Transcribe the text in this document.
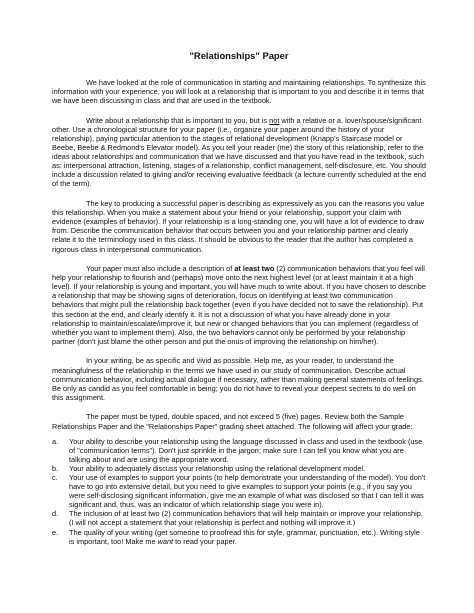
"Relationships" Paper

We have looked at the role of communication in starting and maintaining relationships. To synthesize this information with your experience, you will look at a relationship that is important to you and describe it in terms that we have been discussing in class and that are used in the textbook.

Write about a relationship that is important to you, but is not with a relative or a. lover/spouse/significant other. Use a chronological structure for your paper (i.e., organize your paper around the history of your relationship), paying particular attention to the stages of relational development (Knapp's Staircase model or Beebe, Beebe & Redmond's Elevator model). As you tell your reader (me) the story of this relationship, refer to the ideas about relationships and communication that we have discussed and that you have read in the textbook, such as: interpersonal attraction, listening, stages of a relationship, conflict management, self-disclosure, etc. You should include a discussion related to giving and/or receiving evaluative feedback (a lecture currently scheduled at the end of the term).

The key to producing a successful paper is describing as expressively as you can the reasons you value this relationship. When you make a statement about your friend or your relationship, support your claim with evidence (examples of behavior). If your relationship is a long-standing one, you will have a lot of evidence to draw from. Describe the communication behavior that occurs between you and your relationship partner and clearly relate it to the terminology used in this class. It should be obvious to the reader that the author has completed a rigorous class in interpersonal communication.

Your paper must also include a description of at least two (2) communication behaviors that you feel will help your relationship to flourish and (perhaps) move onto the next highest level (or at least maintain it at a high level). If your relationship is young and important, you will have much to write about. If you have chosen to describe a relationship that may be showing signs of deterioration, focus on identifying at least two communication behaviors that might pull the relationship back together (even if you have decided not to save the relationship). Put this section at the end, and clearly identify it. It is not a discussion of what you have already done in your relationship to maintain/escalate/improve it, but new or changed behaviors that you can implement (regardless of whether you want to implement them). Also, the two behaviors cannot only be performed by your relationship partner (don't just blame the other person and put the onus of improving the relationship on him/her).

In your writing, be as specific and vivid as possible. Help me, as your reader, to understand the meaningfulness of the relationship in the terms we have used in our study of communication. Describe actual communication behavior, including actual dialogue if necessary, rather than making general statements of feelings. Be only as candid as you feel comfortable in being; you do not have to reveal your deepest secrets to do well on this assignment.

The paper must be typed, double spaced, and not exceed 5 (five) pages. Review both the Sample Relationships Paper and the "Relationships Paper" grading sheet attached. The following will affect your grade:

a. Your ability to describe your relationship using the language discussed in class and used in the textbook (use of "communication terms"). Don't just sprinkle in the jargon; make sure I can tell you know what you are talking about and are using the appropriate word.
b. Your ability to adequately discuss your relationship using the relational development model.
c. Your use of examples to support your points (to help demonstrate your understanding of the model). You don't have to go into extensive detail, but you need to give examples to support your points (e.g., if you say you were self-disclosing significant information, give me an example of what was disclosed so that I can tell it was significant and, thus, was an indicator of which relationship stage you were in).
d. The inclusion of at least two (2) communication behaviors that will help maintain or improve your relationship. (I will not accept a statement that your relationship is perfect and nothing will improve it.)
e. The quality of your writing (get someone to proofread this for style, grammar, punctuation, etc.). Writing style is important, too! Make me want to read your paper.
